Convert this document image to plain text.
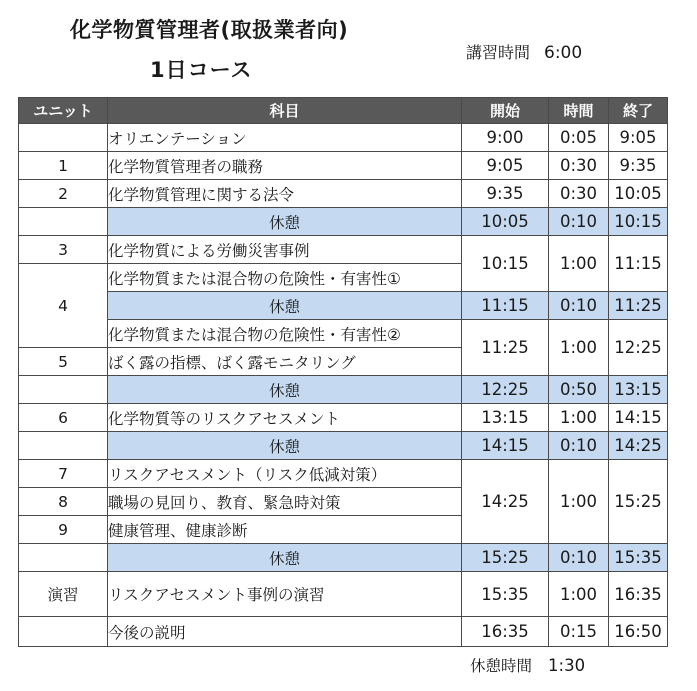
化学物質管理者(取扱業者向)
1日コース
講習時間 6:00
ユニット	科目	開始	時間	終了
	オリエンテーション	9:00	0:05	9:05
1	化学物質管理者の職務	9:05	0:30	9:35
2	化学物質管理に関する法令	9:35	0:30	10:05
	休憩	10:05	0:10	10:15
3	化学物質による労働災害事例	10:15	1:00	11:15
4	化学物質または混合物の危険性・有害性①			
	休憩	11:15	0:10	11:25
	化学物質または混合物の危険性・有害性②	11:25	1:00	12:25
5	ばく露の指標、ばく露モニタリング			
	休憩	12:25	0:50	13:15
6	化学物質等のリスクアセスメント	13:15	1:00	14:15
	休憩	14:15	0:10	14:25
7	リスクアセスメント（リスク低減対策）	14:25	1:00	15:25
8	職場の見回り、教育、緊急時対策			
9	健康管理、健康診断			
	休憩	15:25	0:10	15:35
演習	リスクアセスメント事例の演習	15:35	1:00	16:35
	今後の説明	16:35	0:15	16:50
休憩時間 1:30
